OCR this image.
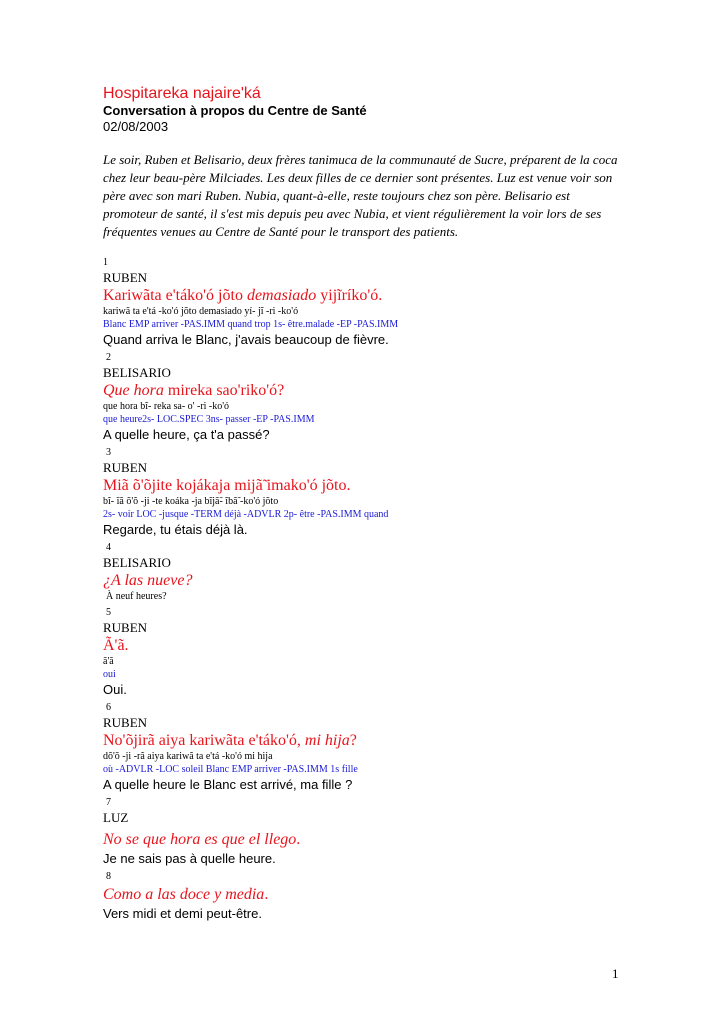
Hospitareka najaire'ká
Conversation à propos du Centre de Santé
02/08/2003
Le soir, Ruben et Belisario, deux frères tanimuca de la communauté de Sucre, préparent de la coca chez leur beau-père Milciades. Les deux filles de ce dernier sont présentes. Luz est venue voir son père avec son mari Ruben. Nubia, quant-à-elle, reste toujours chez son père. Belisario est promoteur de santé, il s'est mis depuis peu avec Nubia, et vient régulièrement la voir lors de ses fréquentes venues au Centre de Santé pour le transport des patients.
1
RUBEN
Kariwãta e'táko'ó jõto demasiado yijĩríko'ó.
kariwã ta e'tá -ko'ó jõto demasiado yí- jĩ -ri -ko'ó
Blanc EMP arriver -PAS.IMM quand trop 1s- être.malade -EP -PAS.IMM
Quand arriva le Blanc, j'avais beaucoup de fièvre.
2
BELISARIO
Que hora mireka sao'riko'ó?
que hora bĩ- reka sa- o' -ri -ko'ó
que heure2s- LOC.SPEC 3ns- passer -EP -PAS.IMM
A quelle heure, ça t'a passé?
3
RUBEN
Miã õ'õjite kojákaja mijã̃ imako'ó jõto.
bĩ- ĩã õ'õ -ji -te koáka -ja bĩjã̃- ĩbã̃ -ko'ó jõto
2s- voir LOC -jusque -TERM déjà -ADVLR 2p- être -PAS.IMM quand
Regarde, tu étais déjà là.
4
BELISARIO
¿A las nueve?
À neuf heures?
5
RUBEN
Ã'ã.
ã'ã
oui
Oui.
6
RUBEN
No'õjirã aiya kariwãta e'táko'ó, mi hija?
dõ'õ -ji -rã aiya kariwã ta e'tá -ko'ó mi hija
où -ADVLR -LOC soleil Blanc EMP arriver -PAS.IMM 1s fille
A quelle heure le Blanc est arrivé, ma fille ?
7
LUZ
No se que hora es que el llego.
Je ne sais pas à quelle heure.
8
Como a las doce y media.
Vers midi et demi peut-être.
1
